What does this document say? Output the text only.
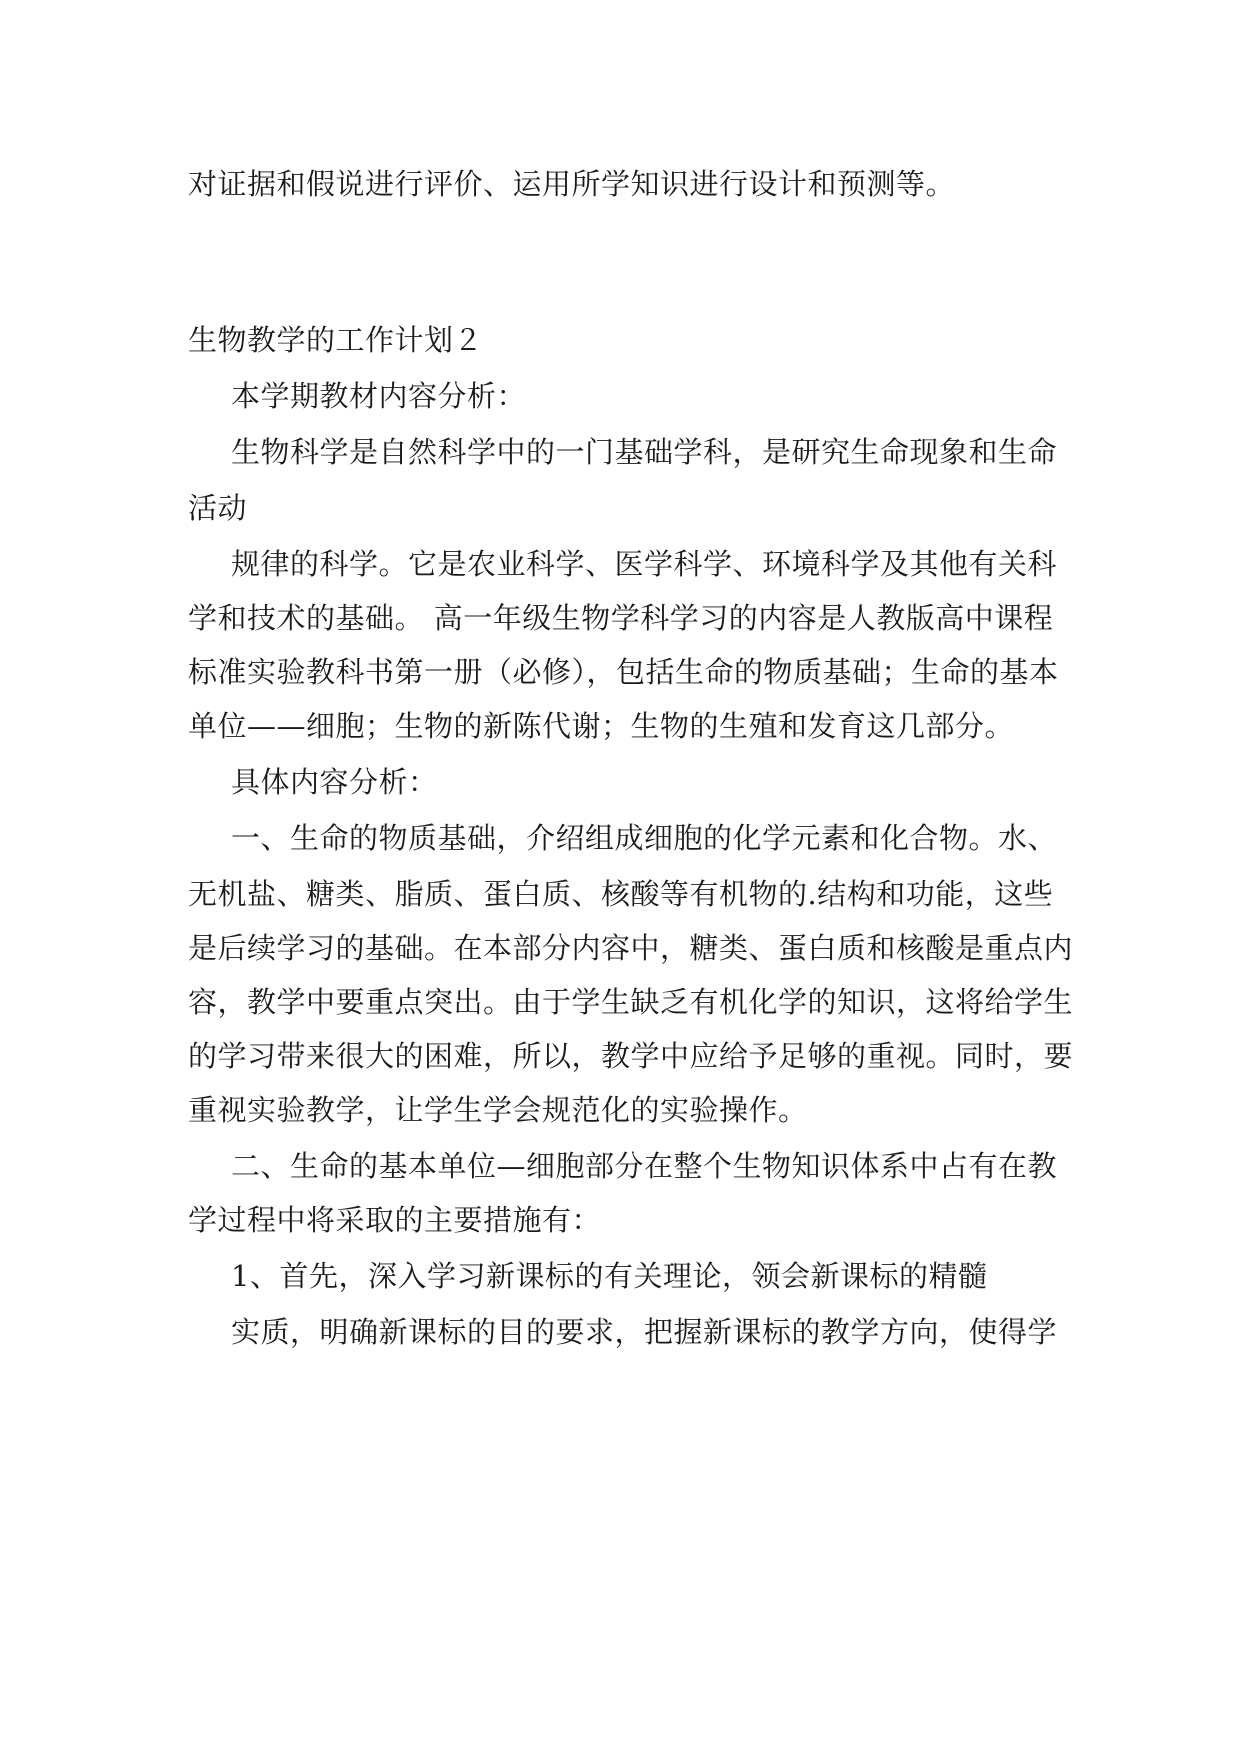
对证据和假说进行评价、运用所学知识进行设计和预测等。
生物教学的工作计划２
本学期教材内容分析：
生物科学是自然科学中的一门基础学科，是研究生命现象和生命
活动
规律的科学。它是农业科学、医学科学、环境科学及其他有关科
学和技术的基础。 高一年级生物学科学习的内容是人教版高中课程
标准实验教科书第一册（必修），包括生命的物质基础；生命的基本
单位——细胞；生物的新陈代谢；生物的生殖和发育这几部分。
具体内容分析：
一、生命的物质基础，介绍组成细胞的化学元素和化合物。水、
无机盐、糖类、脂质、蛋白质、核酸等有机物的.结构和功能，这些
是后续学习的基础。在本部分内容中，糖类、蛋白质和核酸是重点内
容，教学中要重点突出。由于学生缺乏有机化学的知识，这将给学生
的学习带来很大的困难，所以，教学中应给予足够的重视。同时，要
重视实验教学，让学生学会规范化的实验操作。
二、生命的基本单位—细胞部分在整个生物知识体系中占有在教
学过程中将采取的主要措施有：
1、首先，深入学习新课标的有关理论，领会新课标的精髓
实质，明确新课标的目的要求，把握新课标的教学方向，使得学
